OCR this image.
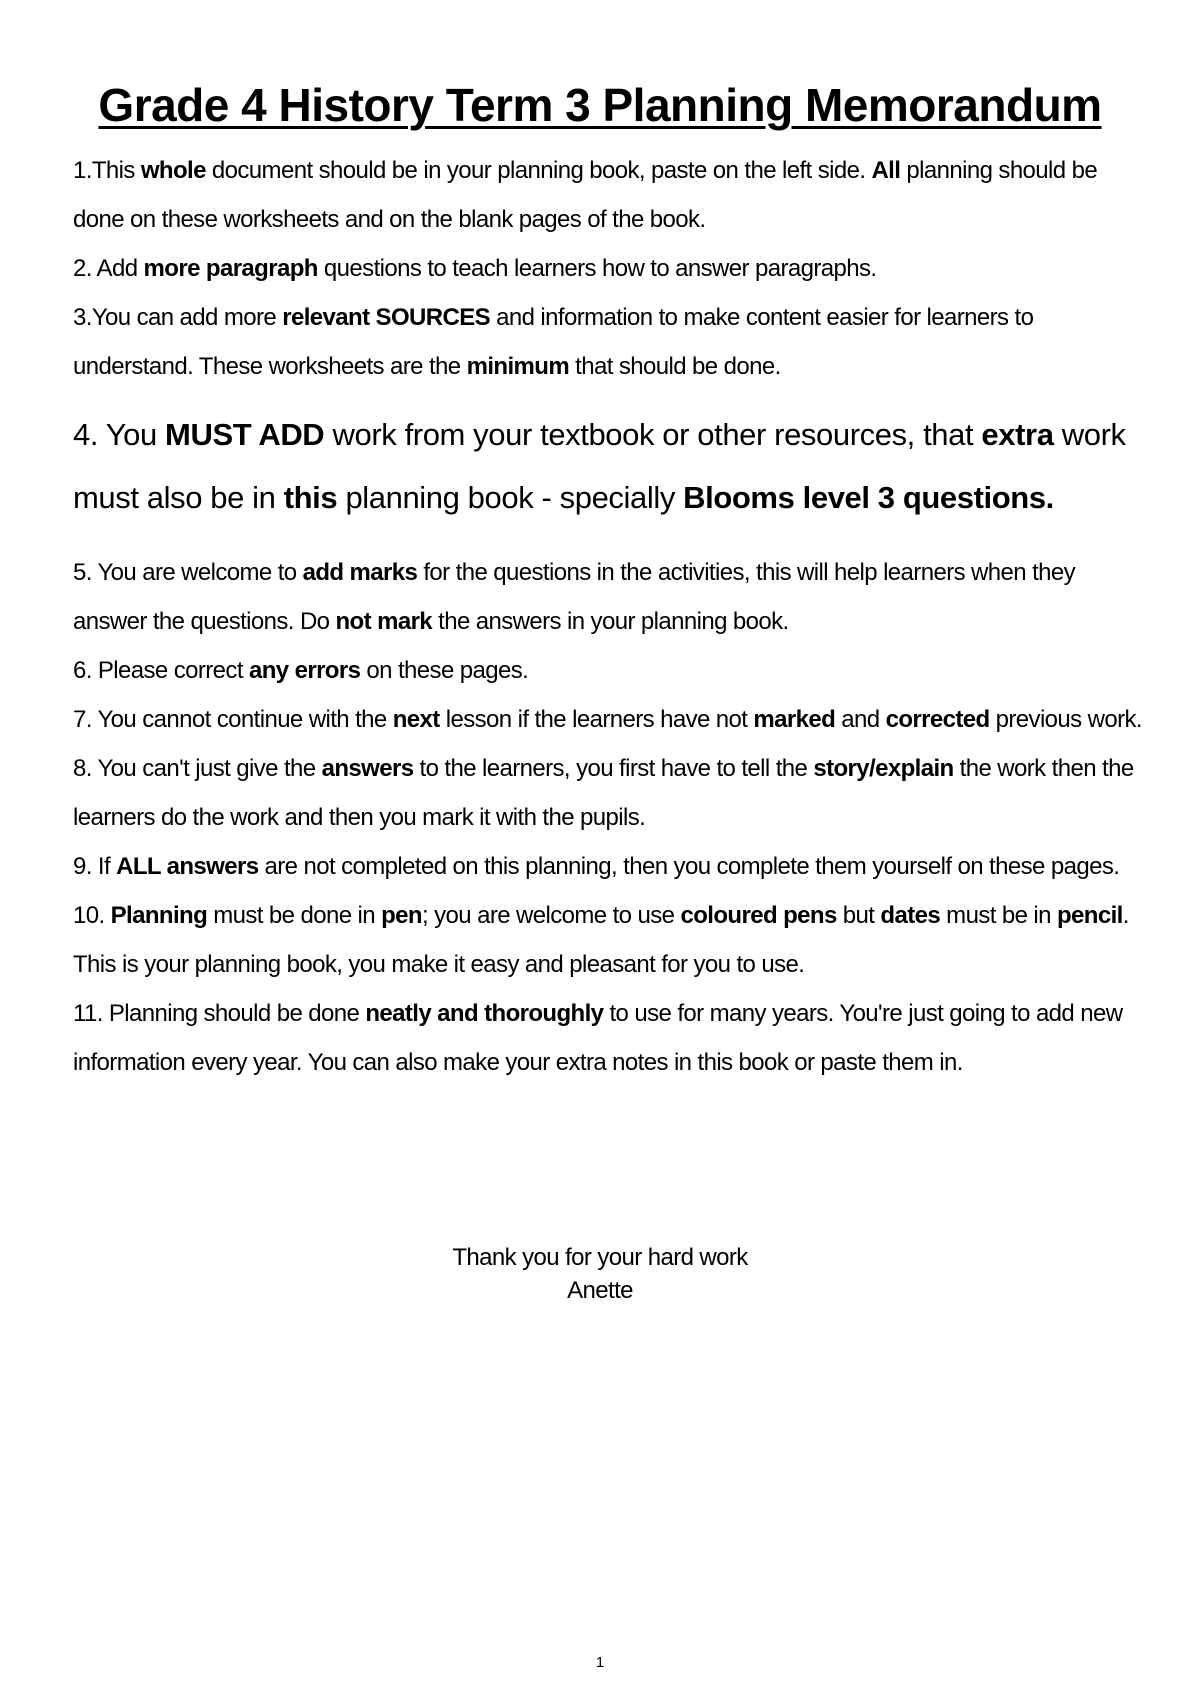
Grade 4 History Term 3 Planning Memorandum

1.This whole document should be in your planning book, paste on the left side. All planning should be done on these worksheets and on the blank pages of the book.

2. Add more paragraph questions to teach learners how to answer paragraphs.

3.You can add more relevant SOURCES and information to make content easier for learners to understand. These worksheets are the minimum that should be done.

4. You MUST ADD work from your textbook or other resources, that extra work must also be in this planning book - specially Blooms level 3 questions.

5. You are welcome to add marks for the questions in the activities, this will help learners when they answer the questions. Do not mark the answers in your planning book.

6. Please correct any errors on these pages.

7. You cannot continue with the next lesson if the learners have not marked and corrected previous work.

8. You can't just give the answers to the learners, you first have to tell the story/explain the work then the learners do the work and then you mark it with the pupils.

9. If ALL answers are not completed on this planning, then you complete them yourself on these pages.

10. Planning must be done in pen; you are welcome to use coloured pens but dates must be in pencil. This is your planning book, you make it easy and pleasant for you to use.

11. Planning should be done neatly and thoroughly to use for many years. You're just going to add new information every year. You can also make your extra notes in this book or paste them in.

Thank you for your hard work
Anette
1
